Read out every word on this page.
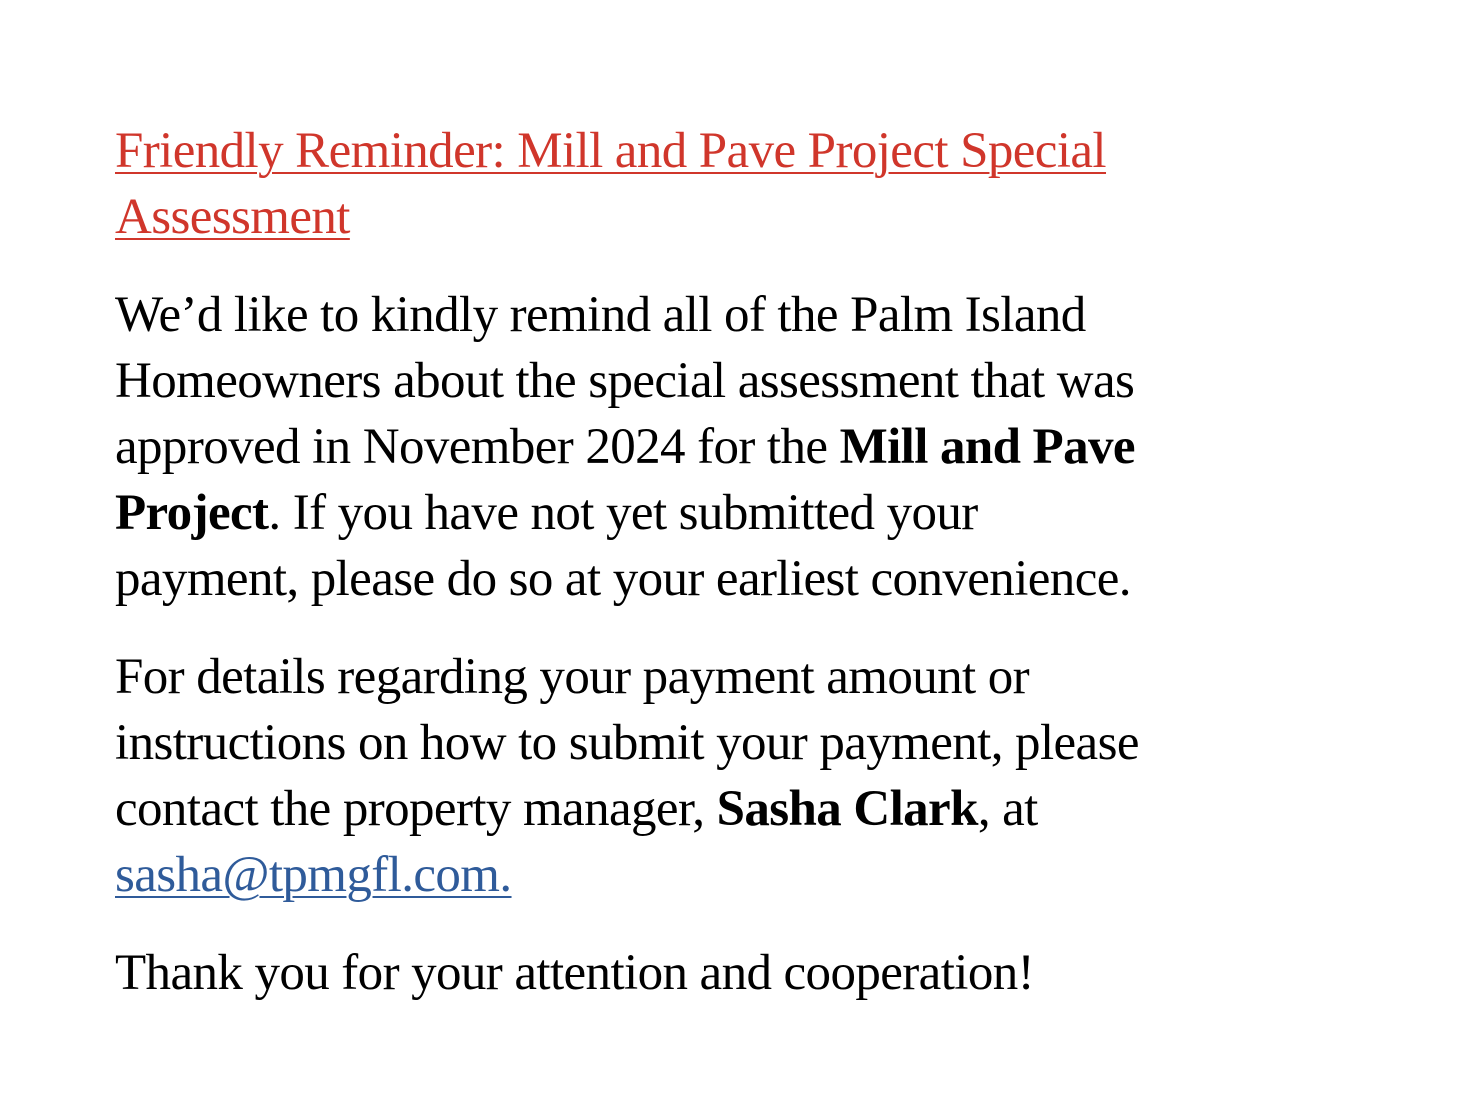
Friendly Reminder: Mill and Pave Project Special
Assessment

We’d like to kindly remind all of the Palm Island
Homeowners about the special assessment that was
approved in November 2024 for the Mill and Pave
Project. If you have not yet submitted your
payment, please do so at your earliest convenience.

For details regarding your payment amount or
instructions on how to submit your payment, please
contact the property manager, Sasha Clark, at
sasha@tpmgfl.com.

Thank you for your attention and cooperation!
